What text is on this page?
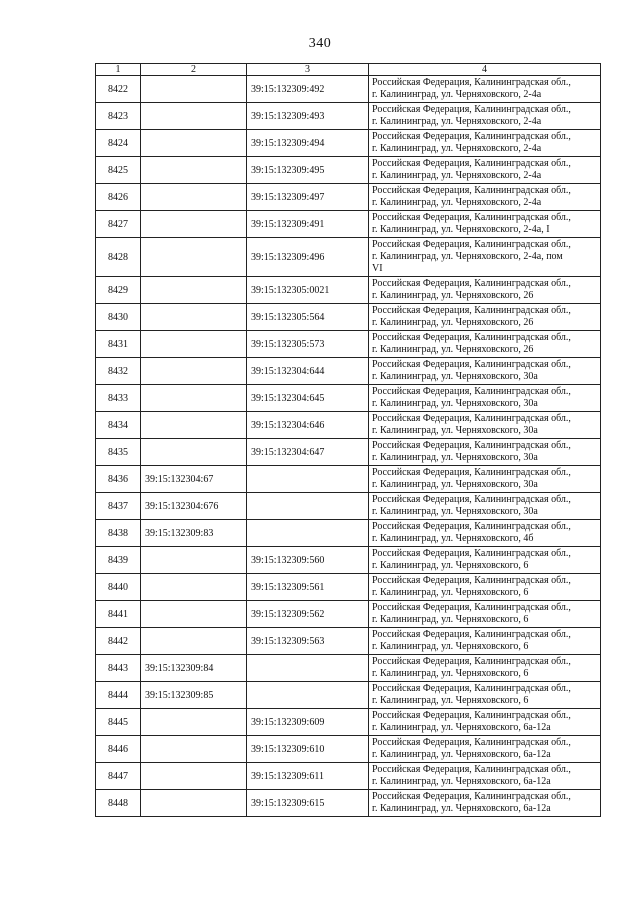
340
1	2	3	4
8422		39:15:132309:492	Российская Федерация, Калининградская обл.,
г. Калининград, ул. Черняховского, 2-4а

8423		39:15:132309:493	Российская Федерация, Калининградская обл.,
г. Калининград, ул. Черняховского, 2-4а

8424		39:15:132309:494	Российская Федерация, Калининградская обл.,
г. Калининград, ул. Черняховского, 2-4а

8425		39:15:132309:495	Российская Федерация, Калининградская обл.,
г. Калининград, ул. Черняховского, 2-4а

8426		39:15:132309:497	Российская Федерация, Калининградская обл.,
г. Калининград, ул. Черняховского, 2-4а

8427		39:15:132309:491	Российская Федерация, Калининградская обл.,
г. Калининград, ул. Черняховского, 2-4а, I

8428		39:15:132309:496	Российская Федерация, Калининградская обл.,
г. Калининград, ул. Черняховского, 2-4а, пом
VI

8429		39:15:132305:0021	Российская Федерация, Калининградская обл.,
г. Калининград, ул. Черняховского, 26

8430		39:15:132305:564	Российская Федерация, Калининградская обл.,
г. Калининград, ул. Черняховского, 26

8431		39:15:132305:573	Российская Федерация, Калининградская обл.,
г. Калининград, ул. Черняховского, 26

8432		39:15:132304:644	Российская Федерация, Калининградская обл.,
г. Калининград, ул. Черняховского, 30а

8433		39:15:132304:645	Российская Федерация, Калининградская обл.,
г. Калининград, ул. Черняховского, 30а

8434		39:15:132304:646	Российская Федерация, Калининградская обл.,
г. Калининград, ул. Черняховского, 30а

8435		39:15:132304:647	Российская Федерация, Калининградская обл.,
г. Калининград, ул. Черняховского, 30а

8436	39:15:132304:67		Российская Федерация, Калининградская обл.,
г. Калининград, ул. Черняховского, 30а

8437	39:15:132304:676		Российская Федерация, Калининградская обл.,
г. Калининград, ул. Черняховского, 30а

8438	39:15:132309:83		Российская Федерация, Калининградская обл.,
г. Калининград, ул. Черняховского, 4б

8439		39:15:132309:560	Российская Федерация, Калининградская обл.,
г. Калининград, ул. Черняховского, 6

8440		39:15:132309:561	Российская Федерация, Калининградская обл.,
г. Калининград, ул. Черняховского, 6

8441		39:15:132309:562	Российская Федерация, Калининградская обл.,
г. Калининград, ул. Черняховского, 6

8442		39:15:132309:563	Российская Федерация, Калининградская обл.,
г. Калининград, ул. Черняховского, 6

8443	39:15:132309:84		Российская Федерация, Калининградская обл.,
г. Калининград, ул. Черняховского, 6

8444	39:15:132309:85		Российская Федерация, Калининградская обл.,
г. Калининград, ул. Черняховского, 6

8445		39:15:132309:609	Российская Федерация, Калининградская обл.,
г. Калининград, ул. Черняховского, 6а-12а

8446		39:15:132309:610	Российская Федерация, Калининградская обл.,
г. Калининград, ул. Черняховского, 6а-12а

8447		39:15:132309:611	Российская Федерация, Калининградская обл.,
г. Калининград, ул. Черняховского, 6а-12а

8448		39:15:132309:615	Российская Федерация, Калининградская обл.,
г. Калининград, ул. Черняховского, 6а-12а
